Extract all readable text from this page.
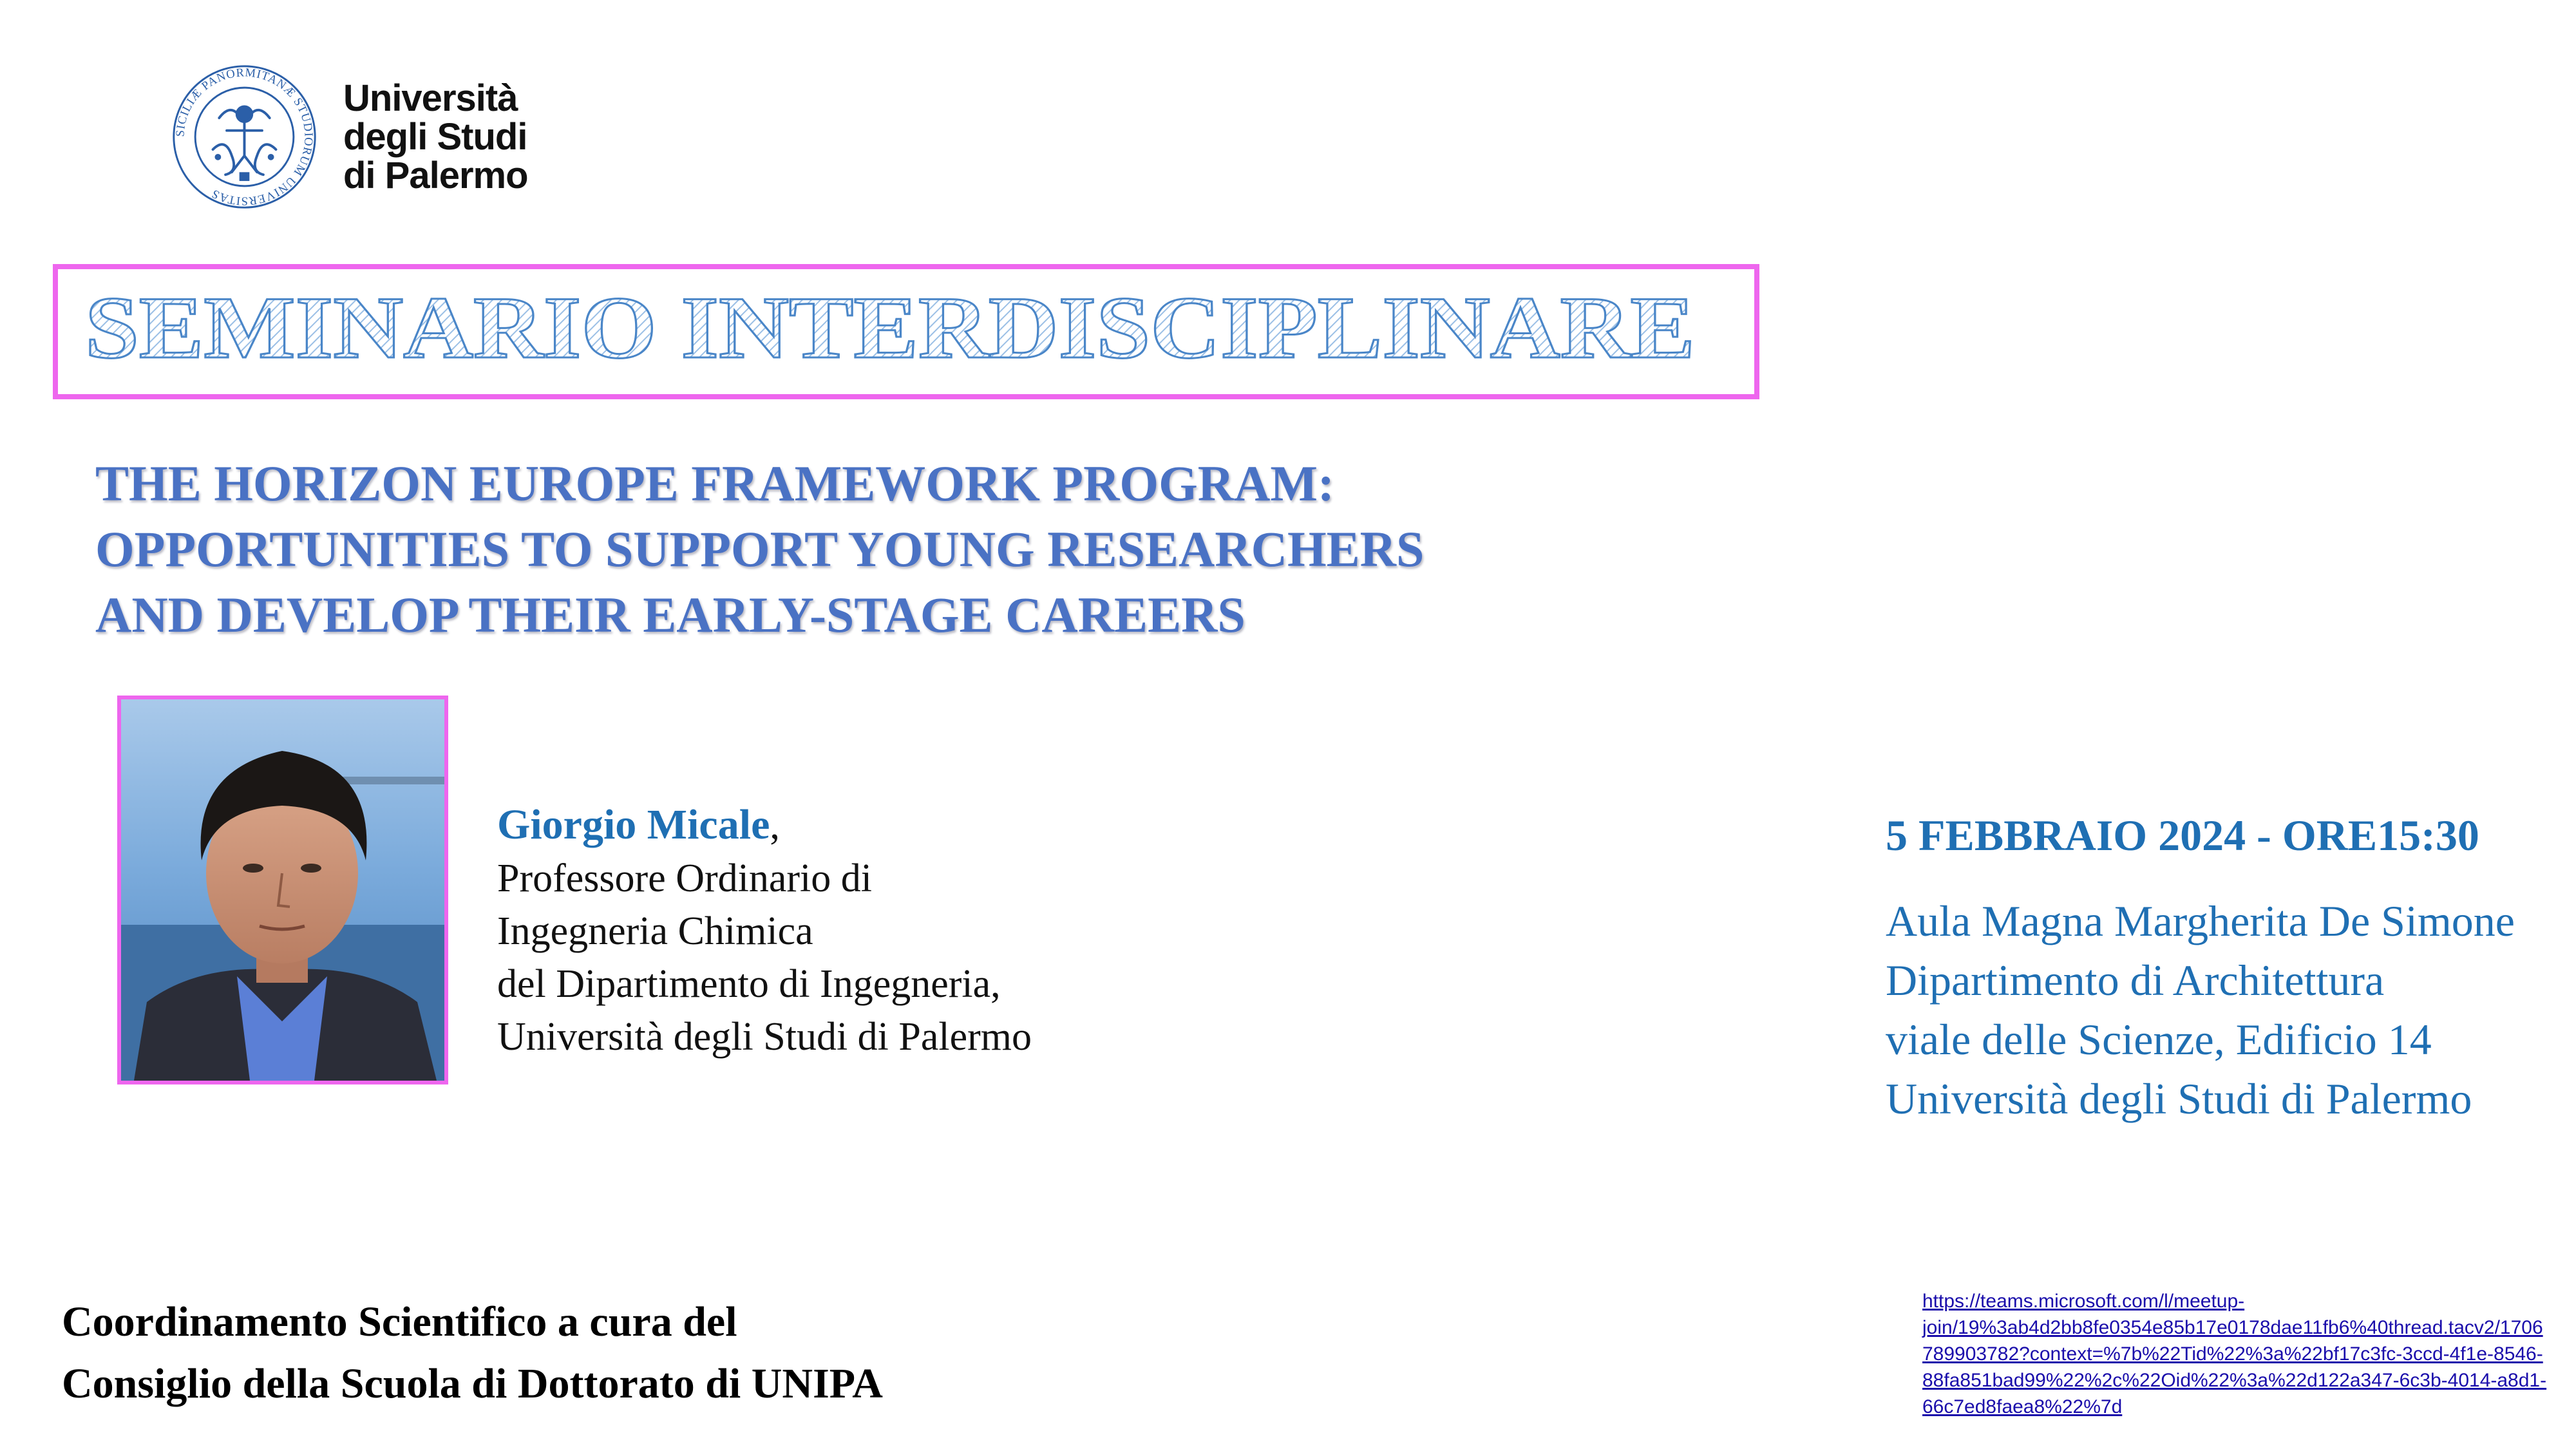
SICILIÆ PANORMITANÆ STUDIORUM UNIVERSITAS
Università
degli Studi
di Palermo
SEMINARIO INTERDISCIPLINARE
THE HORIZON EUROPE FRAMEWORK PROGRAM:
OPPORTUNITIES TO SUPPORT YOUNG RESEARCHERS
AND DEVELOP THEIR EARLY-STAGE CAREERS
Giorgio Micale,
Professore Ordinario di
Ingegneria Chimica
del Dipartimento di Ingegneria,
Università degli Studi di Palermo
5 FEBBRAIO 2024 - ORE15:30
Aula Magna Margherita De Simone
Dipartimento di Architettura
viale delle Scienze, Edificio 14
Università degli Studi di Palermo
Coordinamento Scientifico a cura del
Consiglio della Scuola di Dottorato di UNIPA
https://teams.microsoft.com/l/meetup-
join/19%3ab4d2bb8fe0354e85b17e0178dae11fb6%40thread.tacv2/1706
789903782?context=%7b%22Tid%22%3a%22bf17c3fc-3ccd-4f1e-8546-
88fa851bad99%22%2c%22Oid%22%3a%22d122a347-6c3b-4014-a8d1-
66c7ed8faea8%22%7d
